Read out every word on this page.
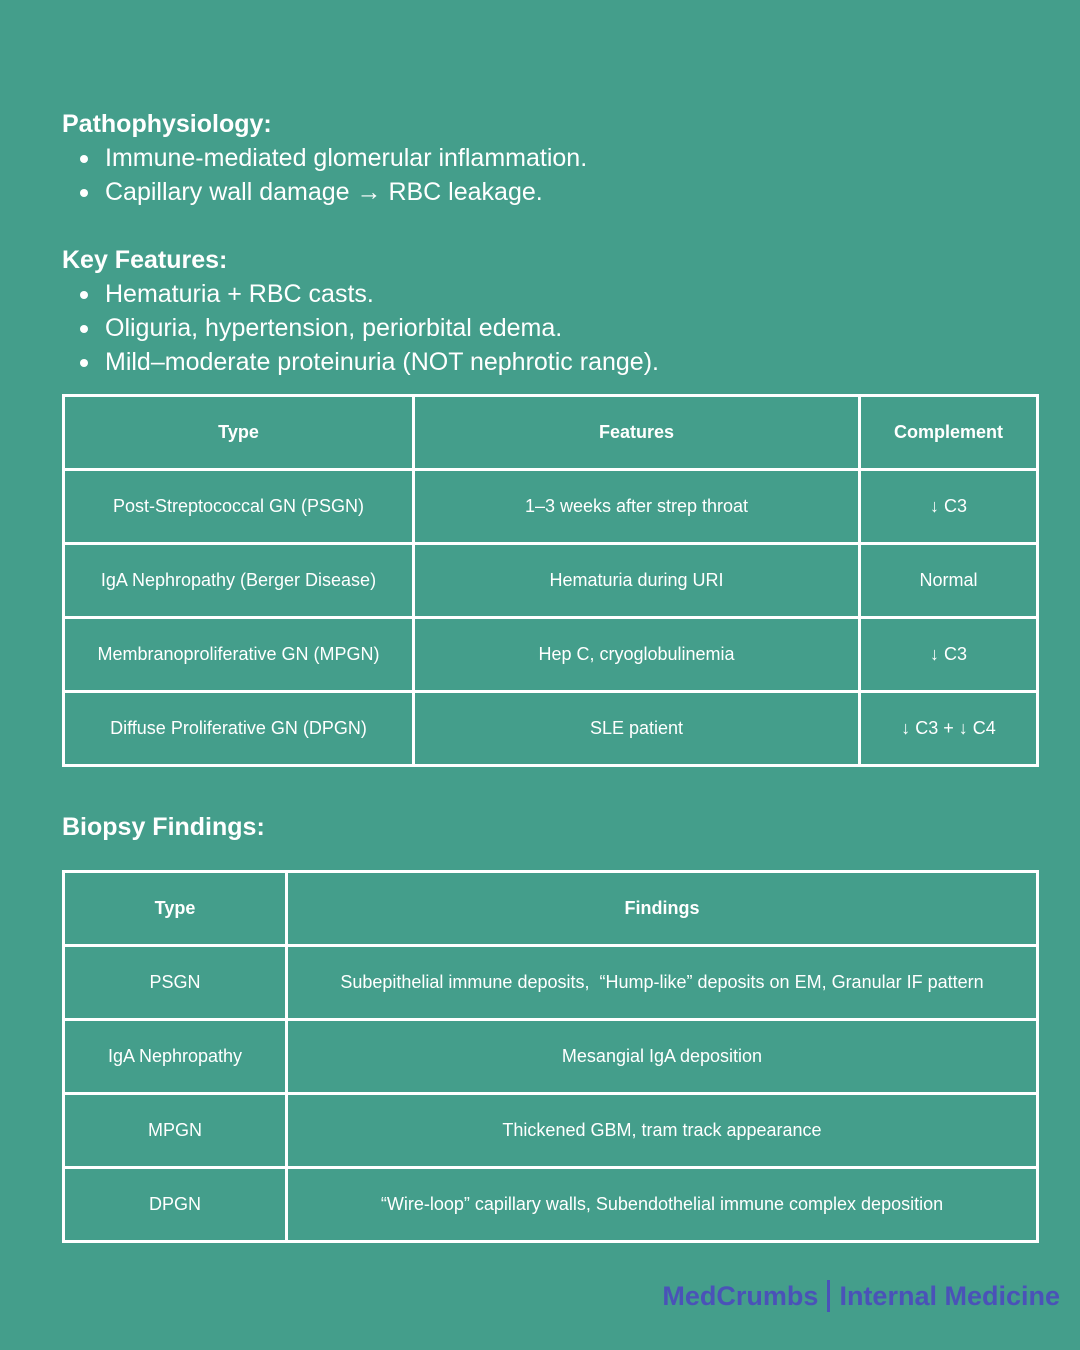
Pathophysiology:
Immune-mediated glomerular inflammation.
Capillary wall damage → RBC leakage.
Key Features:
Hematuria + RBC casts.
Oliguria, hypertension, periorbital edema.
Mild–moderate proteinuria (NOT nephrotic range).
Type	Features	Complement
Post-Streptococcal GN (PSGN)	1–3 weeks after strep throat	↓ C3
IgA Nephropathy (Berger Disease)	Hematuria during URI	Normal
Membranoproliferative GN (MPGN)	Hep C, cryoglobulinemia	↓ C3
Diffuse Proliferative GN (DPGN)	SLE patient	↓ C3 + ↓ C4
Biopsy Findings:
Type	Findings
PSGN	Subepithelial immune deposits,  “Hump-like” deposits on EM, Granular IF pattern
IgA Nephropathy	Mesangial IgA deposition
MPGN	Thickened GBM, tram track appearance
DPGN	“Wire-loop” capillary walls, Subendothelial immune complex deposition
MedCrumbs Internal Medicine
